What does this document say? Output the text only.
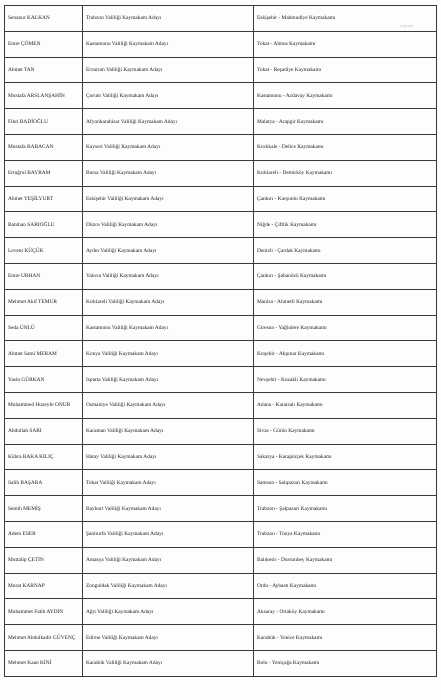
kaynak
Senanur KALKAN	Trabzon Valiliği Kaymakam Adayı	Eskişehir - Mahmudiye Kaymakamı
Emre ÇÖMEN	Kastamonu Valiliği Kaymakam Adayı	Tokat - Almus Kaymakamı
Ahmet TAN	Erzurum Valiliği Kaymakam Adayı	Tokat - Reşadiye Kaymakamı
Mustafa ARSLANŞAHİN	Çorum Valiliği Kaymakam Adayı	Kastamonu - Azdavay Kaymakamı
Fikri BADİOĞLU	Afyonkarahisar Valiliği Kaymakam Adayı	Malatya - Arapgir Kaymakamı
Mustafa BABACAN	Kayseri Valiliği Kaymakam Adayı	Kırıkkale - Delice Kaymakamı
Ertuğrul BAYRAM	Bursa Valiliği Kaymakam Adayı	Kırklareli - Demirköy Kaymakamı
Ahmet YEŞİLYURT	Eskişehir Valiliği Kaymakam Adayı	Çankırı - Kurşunlu Kaymakamı
Batuhan SARIOĞLU	Düzce Valiliği Kaymakam Adayı	Niğde - Çiftlik Kaymakamı
Levent KÜÇÜK	Aydın Valiliği Kaymakam Adayı	Denizli - Çardak Kaymakamı
Emre URHAN	Yalova Valiliği Kaymakam Adayı	Çankırı - Şabanözü Kaymakamı
Mehmet Akif TEMUR	Kırklareli Valiliği Kaymakam Adayı	Manisa - Ahmetli Kaymakamı
Seda ÜNLÜ	Kastamonu Valiliği Kaymakam Adayı	Giresun - Yağlıdere Kaymakamı
Ahmet Sami MERAM	Konya Valiliği Kaymakam Adayı	Kırşehir - Akpınar Kaymakamı
Yasin GÜRKAN	Isparta Valiliği Kaymakam Adayı	Nevşehir - Kozaklı Kaymakamı
Muhammed Huzeyfe ONUR	Osmaniye Valiliği Kaymakam Adayı	Adana - Karaisalı Kaymakamı
Abdullah SARI	Karaman Valiliği Kaymakam Adayı	Sivas - Gürün Kaymakamı
Kübra BAKA KILIÇ	Hatay Valiliği Kaymakam Adayı	Sakarya - Karapürçek Kaymakamı
Salih BAŞARA	Tokat Valiliği Kaymakam Adayı	Samsun - Salıpazarı Kaymakamı
Semih MEMİŞ	Bayburt Valiliği Kaymakam Adayı	Trabzon - Şalpazarı Kaymakamı
Adem ESER	Şanlıurfa Valiliği Kaymakam Adayı	Trabzon - Tonya Kaymakamı
Muttalip ÇETİN	Amasya Valiliği Kaymakam Adayı	Balıkesir - Dursunbey Kaymakamı
Murat KARNAP	Zonguldak Valiliği Kaymakam Adayı	Ordu - Aybastı Kaymakamı
Muhammet Fatih AYDIN	Ağrı Valiliği Kaymakam Adayı	Aksaray - Ortaköy Kaymakamı
Mehmet Abdulkadir GÜVENÇ	Edirne Valiliği Kaymakam Adayı	Karabük - Yenice Kaymakamı
Mehmet Kaan KİNİ	Karabük Valiliği Kaymakam Adayı	Bolu - Yeniçağa Kaymakamı
